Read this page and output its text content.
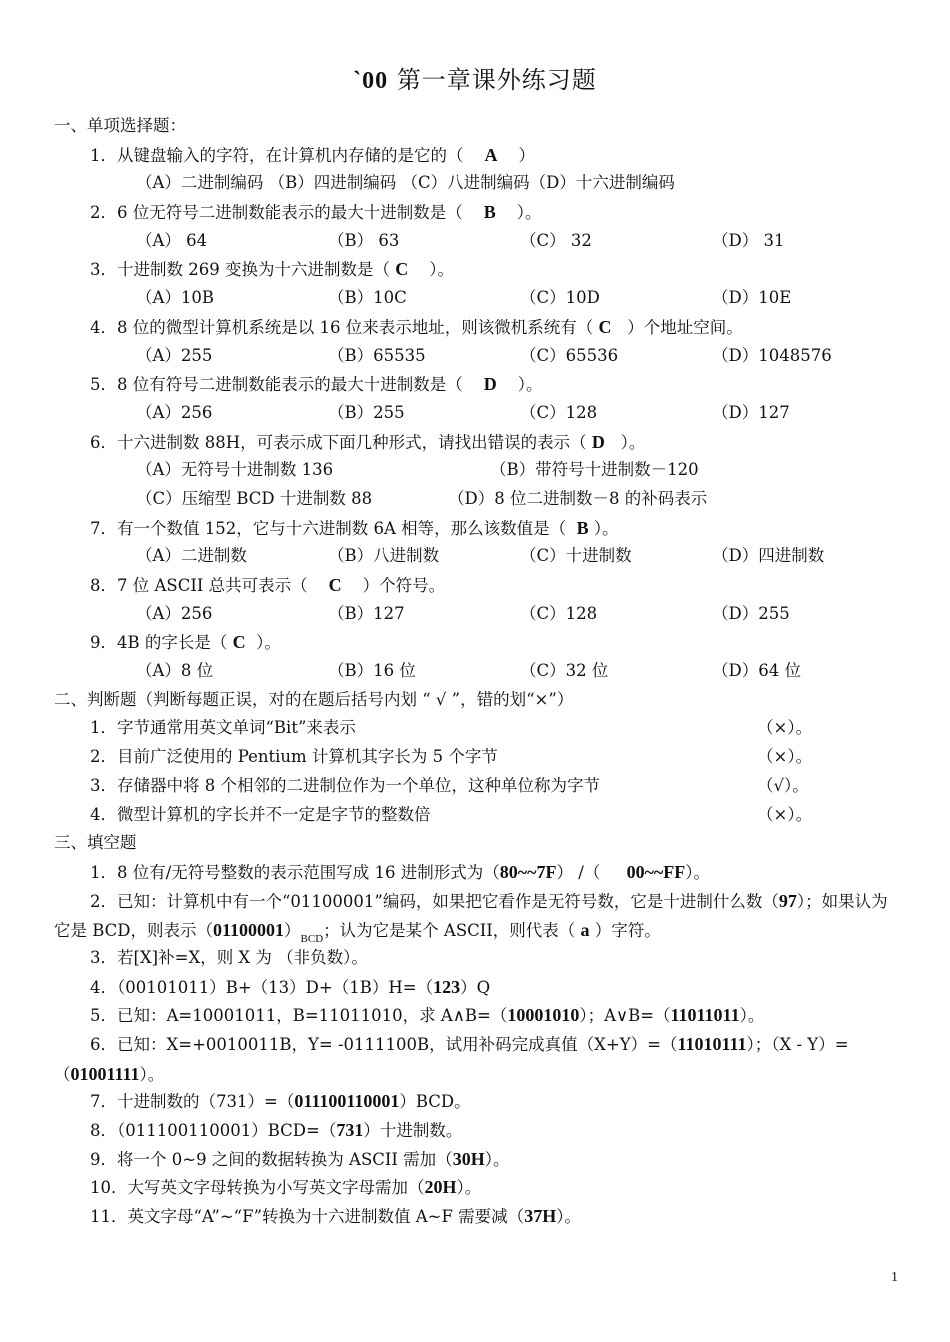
`00 第一章课外练习题
一、单项选择题：
1．从键盘输入的字符，在计算机内存储的是它的（ A ）
（A）二进制编码 （B）四进制编码 （C）八进制编码（D）十六进制编码
2．6 位无符号二进制数能表示的最大十进制数是（ B ）。
（A） 64	（B） 63	（C） 32	（D） 31
3．十进制数 269 变换为十六进制数是（ C ）。
（A）10B	（B）10C	（C）10D	（D）10E
4．8 位的微型计算机系统是以 16 位来表示地址，则该微机系统有（ C ）个地址空间。
（A）255	（B）65535	（C）65536	（D）1048576
5．8 位有符号二进制数能表示的最大十进制数是（ D ）。
（A）256	（B）255	（C）128	（D）127
6．十六进制数 88H，可表示成下面几种形式，请找出错误的表示（ D ）。
（A）无符号十进制数 136	（B）带符号十进制数－120
（C）压缩型 BCD 十进制数 88	（D）8 位二进制数－8 的补码表示
7．有一个数值 152，它与十六进制数 6A 相等，那么该数值是（ B ）。
（A）二进制数	（B）八进制数	（C）十进制数	（D）四进制数
8．7 位 ASCII 总共可表示（ C ）个符号。
（A）256	（B）127	（C）128	（D）255
9．4B 的字长是（ C ）。
（A）8 位	（B）16 位	（C）32 位	（D）64 位
二、判断题（判断每题正误，对的在题后括号内划 “ √ ”，错的划“×”）
1．字节通常用英文单词“Bit”来表示	（×）。
2．目前广泛使用的 Pentium 计算机其字长为 5 个字节	（×）。
3．存储器中将 8 个相邻的二进制位作为一个单位，这种单位称为字节	（√）。
4．微型计算机的字长并不一定是字节的整数倍	（×）。
三、填空题
1．8 位有/无符号整数的表示范围写成 16 进制形式为（80~~7F） /（ 00~~FF）。
2．已知：计算机中有一个“01100001”编码，如果把它看作是无符号数，它是十进制什么数（97）；如果认为它是 BCD，则表示$(01100001)_{BCD}$；认为它是某个 ASCII，则代表（ a ）字符。
3．若[X]补=X，则 X 为 （非负数）。
4．（00101011）B+（13）D+（1B）H=（123）Q
5．已知：A=10001011，B=11011010，求 A∧B=（10001010）；A∨B=（11011011）。
6．已知：X=+0010011B，Y= -0111100B，试用补码完成真值（X+Y）=（11010111）；（X - Y）=（01001111）。
7．十进制数的（731）=（011100110001）BCD。
8．（011100110001）BCD=（731）十进制数。
9．将一个 0~9 之间的数据转换为 ASCII 需加（30H）。
10．大写英文字母转换为小写英文字母需加（20H）。
11．英文字母“A”~“F”转换为十六进制数值 A~F 需要减（37H）。
1
